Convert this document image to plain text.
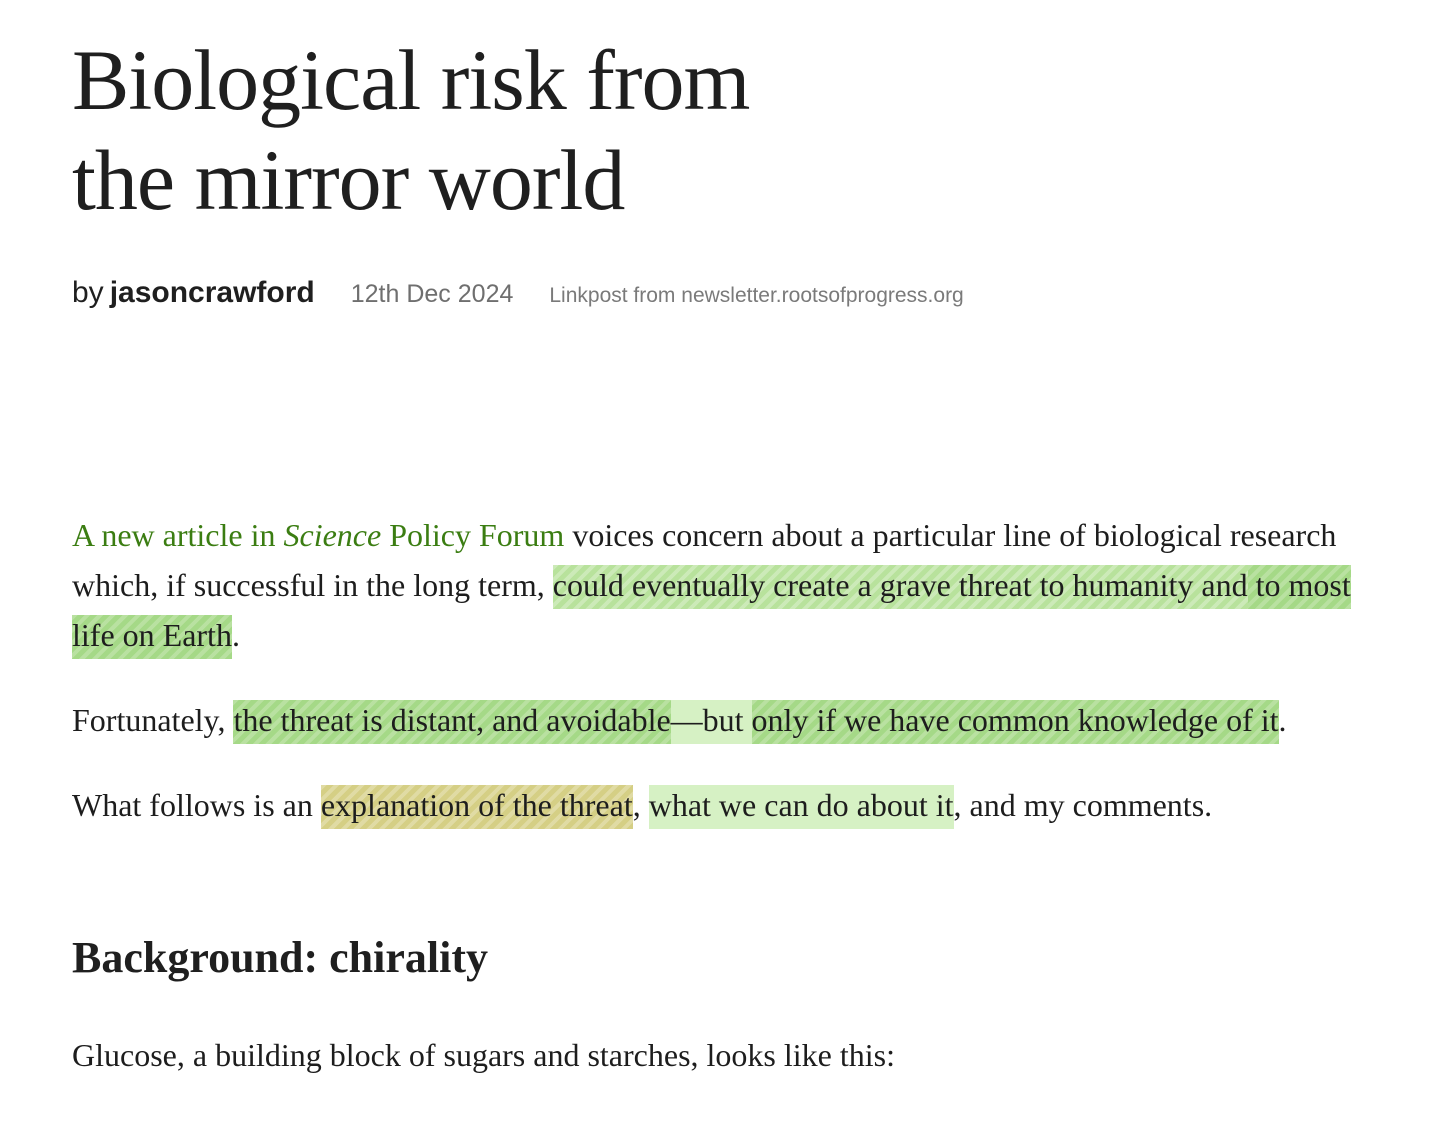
Biological risk from
the mirror world
by jasoncrawford 12th Dec 2024 Linkpost from newsletter.rootsofprogress.org

A new article in Science Policy Forum voices concern about a particular line of biological research which, if successful in the long term, could eventually create a grave threat to humanity and to most life on Earth.

Fortunately, the threat is distant, and avoidable—but only if we have common knowledge of it.

What follows is an explanation of the threat, what we can do about it, and my comments.

Background: chirality

Glucose, a building block of sugars and starches, looks like this:
